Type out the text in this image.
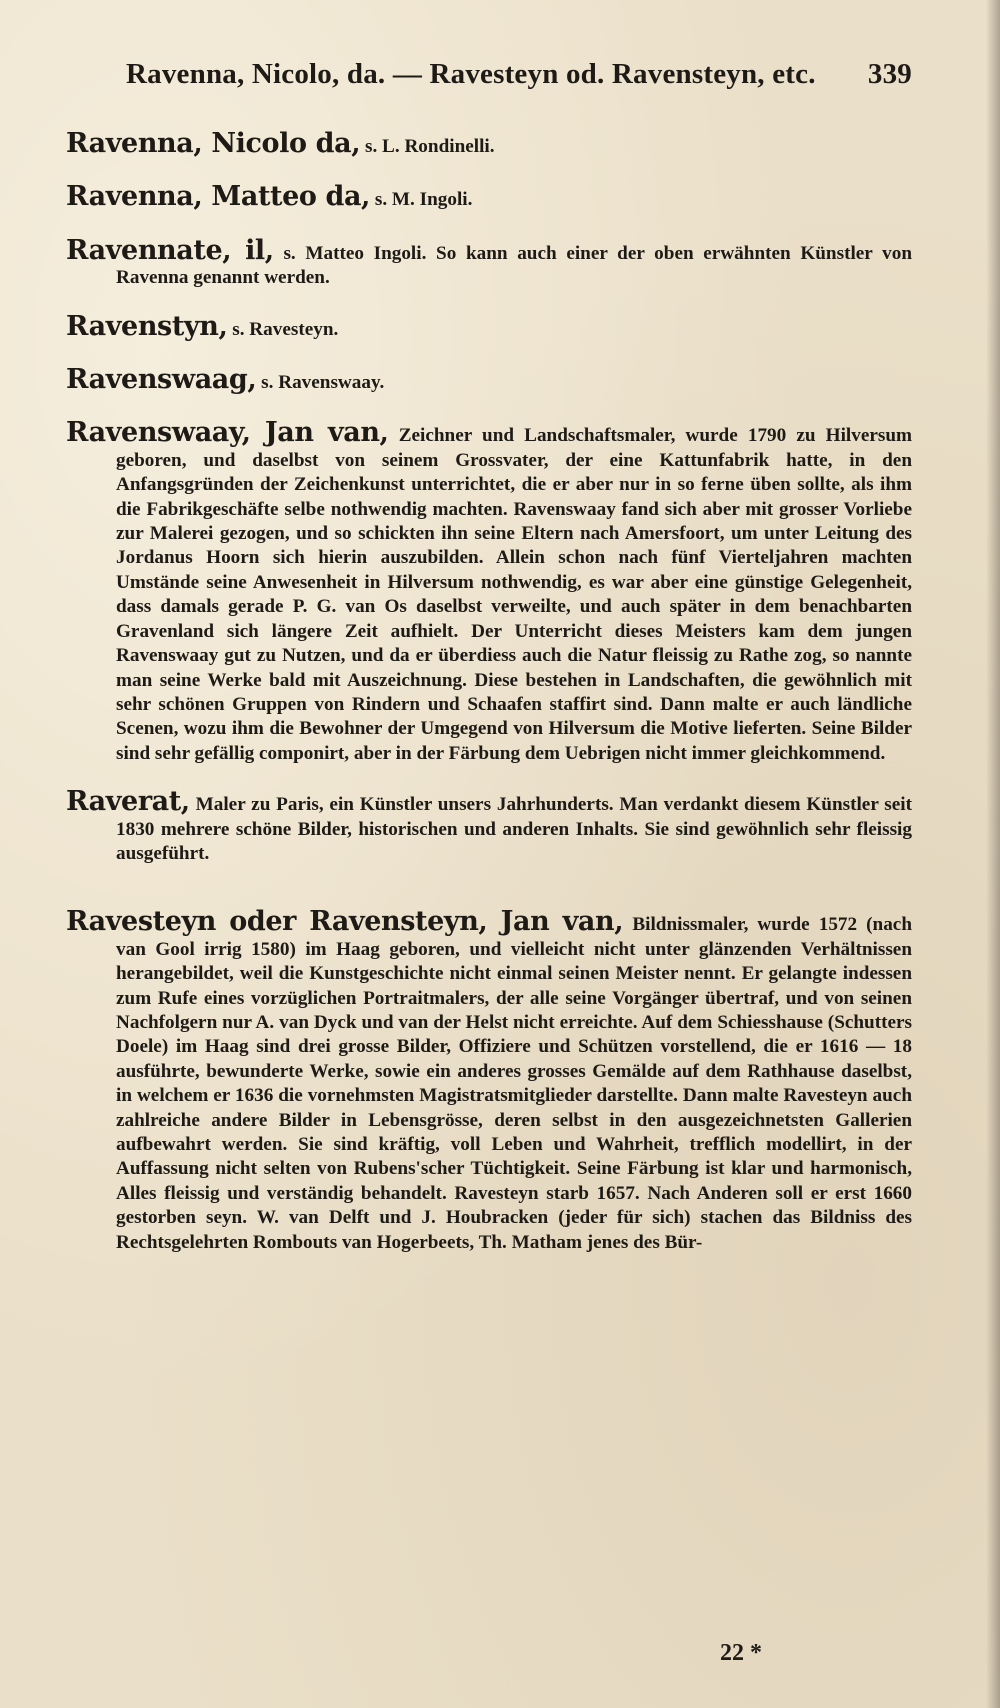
Ravenna, Nicolo, da. — Ravesteyn od. Ravensteyn, etc. 339

Ravenna, Nicolo da, s. L. Rondinelli.

Ravenna, Matteo da, s. M. Ingoli.

Ravennate, il, s. Matteo Ingoli. So kann auch einer der oben erwähnten Künstler von Ravenna genannt werden.

Ravenstyn, s. Ravesteyn.

Ravenswaag, s. Ravenswaay.

Ravenswaay, Jan van, Zeichner und Landschaftsmaler, wurde 1790 zu Hilversum geboren, und daselbst von seinem Grossvater, der eine Kattunfabrik hatte, in den Anfangsgründen der Zeichenkunst unterrichtet, die er aber nur in so ferne üben sollte, als ihm die Fabrikgeschäfte selbe nothwendig machten. Ravenswaay fand sich aber mit grosser Vorliebe zur Malerei gezogen, und so schickten ihn seine Eltern nach Amersfoort, um unter Leitung des Jordanus Hoorn sich hierin auszubilden. Allein schon nach fünf Vierteljahren machten Umstände seine Anwesenheit in Hilversum nothwendig, es war aber eine günstige Gelegenheit, dass damals gerade P. G. van Os daselbst verweilte, und auch später in dem benachbarten Gravenland sich längere Zeit aufhielt. Der Unterricht dieses Meisters kam dem jungen Ravenswaay gut zu Nutzen, und da er überdiess auch die Natur fleissig zu Rathe zog, so nannte man seine Werke bald mit Auszeichnung. Diese bestehen in Landschaften, die gewöhnlich mit sehr schönen Gruppen von Rindern und Schaafen staffirt sind. Dann malte er auch ländliche Scenen, wozu ihm die Bewohner der Umgegend von Hilversum die Motive lieferten. Seine Bilder sind sehr gefällig componirt, aber in der Färbung dem Uebrigen nicht immer gleichkommend.

Raverat, Maler zu Paris, ein Künstler unsers Jahrhunderts. Man verdankt diesem Künstler seit 1830 mehrere schöne Bilder, historischen und anderen Inhalts. Sie sind gewöhnlich sehr fleissig ausgeführt.

Ravesteyn oder Ravensteyn, Jan van, Bildnissmaler, wurde 1572 (nach van Gool irrig 1580) im Haag geboren, und vielleicht nicht unter glänzenden Verhältnissen herangebildet, weil die Kunstgeschichte nicht einmal seinen Meister nennt. Er gelangte indessen zum Rufe eines vorzüglichen Portraitmalers, der alle seine Vorgänger übertraf, und von seinen Nachfolgern nur A. van Dyck und van der Helst nicht erreichte. Auf dem Schiesshause (Schutters Doele) im Haag sind drei grosse Bilder, Offiziere und Schützen vorstellend, die er 1616 — 18 ausführte, bewunderte Werke, sowie ein anderes grosses Gemälde auf dem Rathhause daselbst, in welchem er 1636 die vornehmsten Magistratsmitglieder darstellte. Dann malte Ravesteyn auch zahlreiche andere Bilder in Lebensgrösse, deren selbst in den ausgezeichnetsten Gallerien aufbewahrt werden. Sie sind kräftig, voll Leben und Wahrheit, trefflich modellirt, in der Auffassung nicht selten von Rubens'scher Tüchtigkeit. Seine Färbung ist klar und harmonisch, Alles fleissig und verständig behandelt. Ravesteyn starb 1657. Nach Anderen soll er erst 1660 gestorben seyn. W. van Delft und J. Houbracken (jeder für sich) stachen das Bildniss des Rechtsgelehrten Rombouts van Hogerbeets, Th. Matham jenes des Bür-

22 *
